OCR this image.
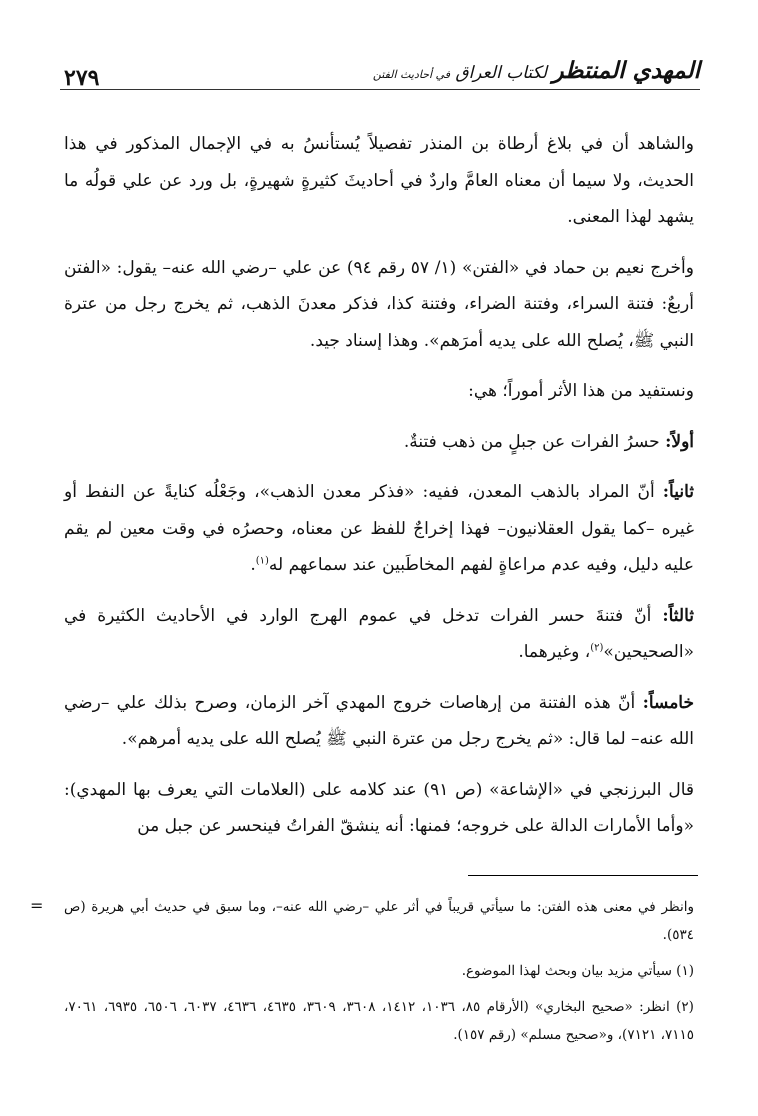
٢٧٩	المهدي المنتظر لكتاب العراق في أحاديث الفتن

والشاهد أن في بلاغ أرطاة بن المنذر تفصيلاً يُستأنسُ به في الإجمال المذكور في هذا الحديث، ولا سيما أن معناه العامَّ واردٌ في أحاديثَ كثيرةٍ شهيرةٍ، بل ورد عن علي قولُه ما يشهد لهذا المعنى.

وأخرج نعيم بن حماد في «الفتن» (١/ ٥٧ رقم ٩٤) عن علي –رضي الله عنه– يقول: «الفتن أربعٌ: فتنة السراء، وفتنة الضراء، وفتنة كذا، فذكر معدنَ الذهب، ثم يخرج رجل من عترة النبي ﷺ، يُصلح الله على يديه أمرَهم». وهذا إسناد جيد.

ونستفيد من هذا الأثر أموراً؛ هي:

أولاً: حسرُ الفرات عن جبلٍ من ذهب فتنةٌ.

ثانياً: أنّ المراد بالذهب المعدن، ففيه: «فذكر معدن الذهب»، وجَعْلُه كنايةً عن النفط أو غيره –كما يقول العقلانيون– فهذا إخراجٌ للفظ عن معناه، وحصرُه في وقت معين لم يقم عليه دليل، وفيه عدم مراعاةٍ لفهم المخاطَبين عند سماعهم له$^{(١)}$.

ثالثاً: أنّ فتنةَ حسر الفرات تدخل في عموم الهرج الوارد في الأحاديث الكثيرة في «الصحيحين»$^{(٢)}$، وغيرهما.

خامساً: أنّ هذه الفتنة من إرهاصات خروج المهدي آخر الزمان، وصرح بذلك علي –رضي الله عنه– لما قال: «ثم يخرج رجل من عترة النبي ﷺ يُصلح الله على يديه أمرهم».

قال البرزنجي في «الإشاعة» (ص ٩١) عند كلامه على (العلامات التي يعرف بها المهدي): «وأما الأمارات الدالة على خروجه؛ فمنها: أنه ينشقّ الفراتُ فينحسر عن جبل من

= وانظر في معنى هذه الفتن: ما سيأتي قريباً في أثر علي –رضي الله عنه–، وما سبق في حديث أبي هريرة (ص ٥٣٤).

(١) سيأتي مزيد بيان وبحث لهذا الموضوع.

(٢) انظر: «صحيح البخاري» (الأرقام ٨٥، ١٠٣٦، ١٤١٢، ٣٦٠٨، ٣٦٠٩، ٤٦٣٥، ٤٦٣٦، ٦٠٣٧، ٦٥٠٦، ٦٩٣٥، ٧٠٦١، ٧١١٥، ٧١٢١)، و«صحيح مسلم» (رقم ١٥٧).
